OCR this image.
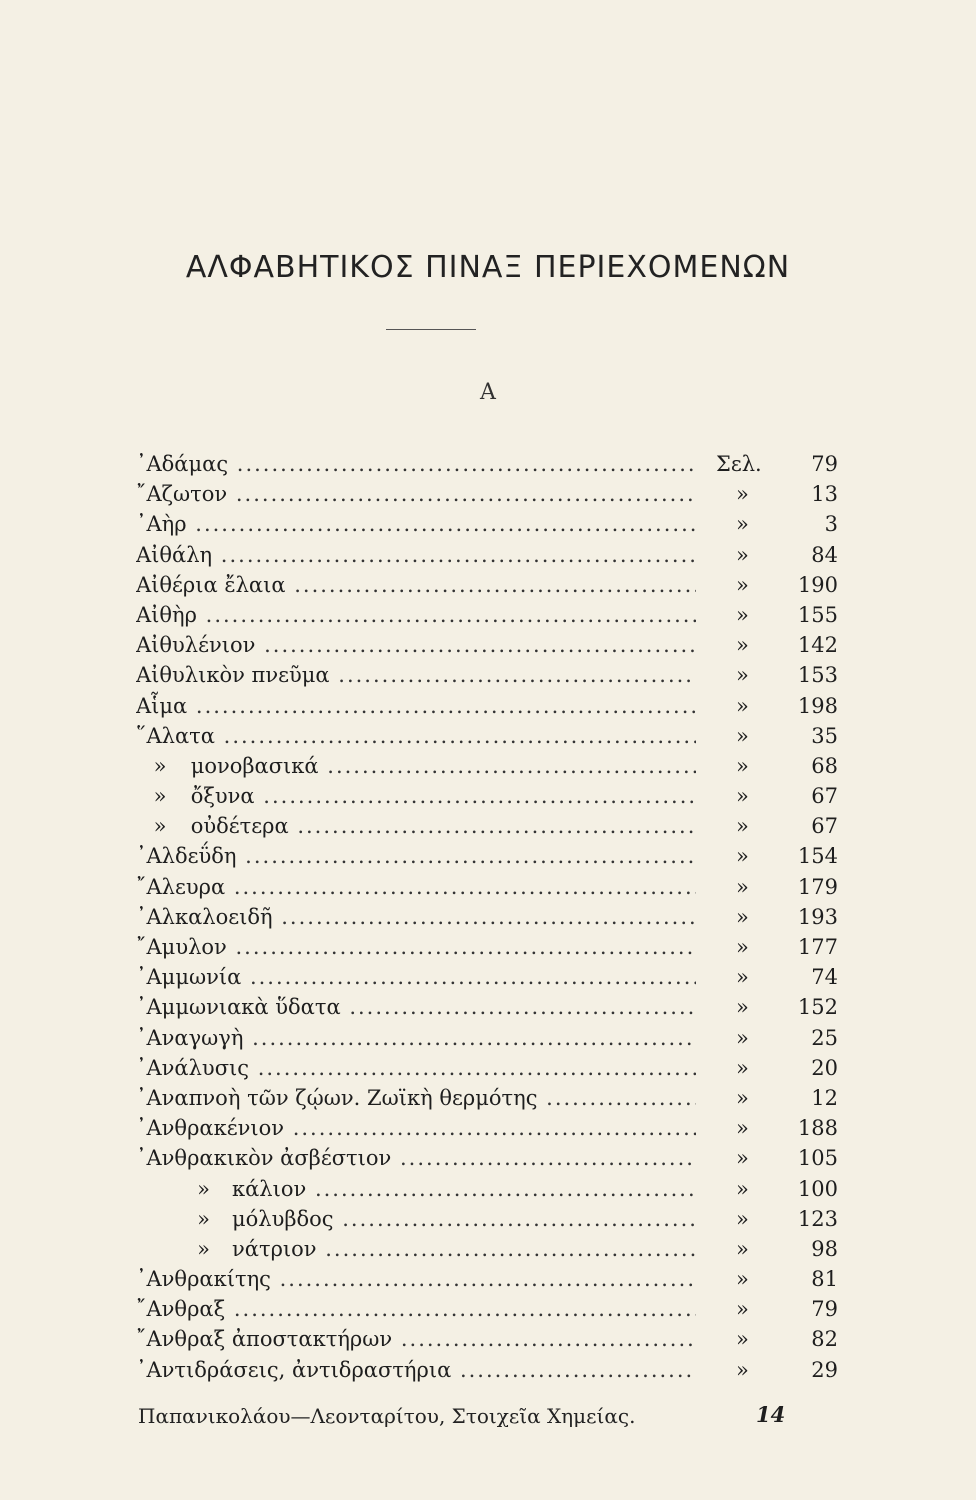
ΑΛΦΑΒΗΤΙΚΟΣ ΠΙΝΑΞ ΠΕΡΙΕΧΟΜΕΝΩΝ
Α
᾿Αδάμας .....	Σελ.	79
῎Αζωτον .....	»	13
᾿Αὴρ .....	»	3
Αἰθάλη .....	»	84
Αἰθέρια ἔλαια .....	»	190
Αἰθὴρ .....	»	155
Αἰθυλένιον .....	»	142
Αἰθυλικὸν πνεῦμα .....	»	153
Αἷμα .....	»	198
῞Αλατα .....	»	35
» μονοβασικά .....	»	68
» ὄξυνα .....	»	67
» οὐδέτερα .....	»	67
᾿Αλδεΰδη .....	»	154
῎Αλευρα .....	»	179
᾿Αλκαλοειδῆ .....	»	193
῎Αμυλον .....	»	177
᾿Αμμωνία .....	»	74
᾿Αμμωνιακὰ ὕδατα .....	»	152
᾿Αναγωγὴ .....	»	25
᾿Ανάλυσις .....	»	20
᾿Αναπνοὴ τῶν ζῴων. Ζωϊκὴ θερμότης .....	»	12
᾿Ανθρακένιον .....	»	188
᾿Ανθρακικὸν ἀσβέστιον .....	»	105
» κάλιον .....	»	100
» μόλυβδος .....	»	123
» νάτριον .....	»	98
᾿Ανθρακίτης .....	»	81
῎Ανθραξ .....	»	79
῎Ανθραξ ἀποστακτήρων .....	»	82
᾿Αντιδράσεις, ἀντιδραστήρια .....	»	29
Παπανικολάου—Λεονταρίτου, Στοιχεῖα Χημείας.	14
